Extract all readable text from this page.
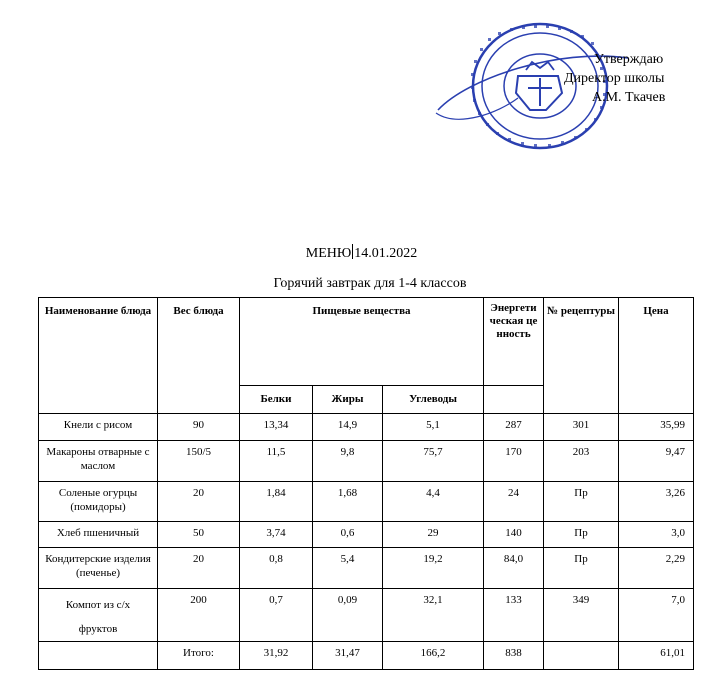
Утверждаю
Директор школы
А.М. Ткачев
МЕНЮ 14.01.2022
Горячий завтрак для 1-4 классов
Наименование блюда	Вес блюда	Пищевые вещества			Энергетическая ценность	№ рецептуры	Цена
		Белки	Жиры	Углеводы			
Кнели с рисом	90	13,34	14,9	5,1	287	301	35,99
Макароны отварные с маслом	150/5	11,5	9,8	75,7	170	203	9,47
Соленые огурцы (помидоры)	20	1,84	1,68	4,4	24	Пр	3,26
Хлеб пшеничный	50	3,74	0,6	29	140	Пр	3,0
Кондитерские изделия (печенье)	20	0,8	5,4	19,2	84,0	Пр	2,29

Компот из с/х фруктов	200	0,7	0,09	32,1	133	349	7,0
	Итого:	31,92	31,47	166,2	838		61,01
